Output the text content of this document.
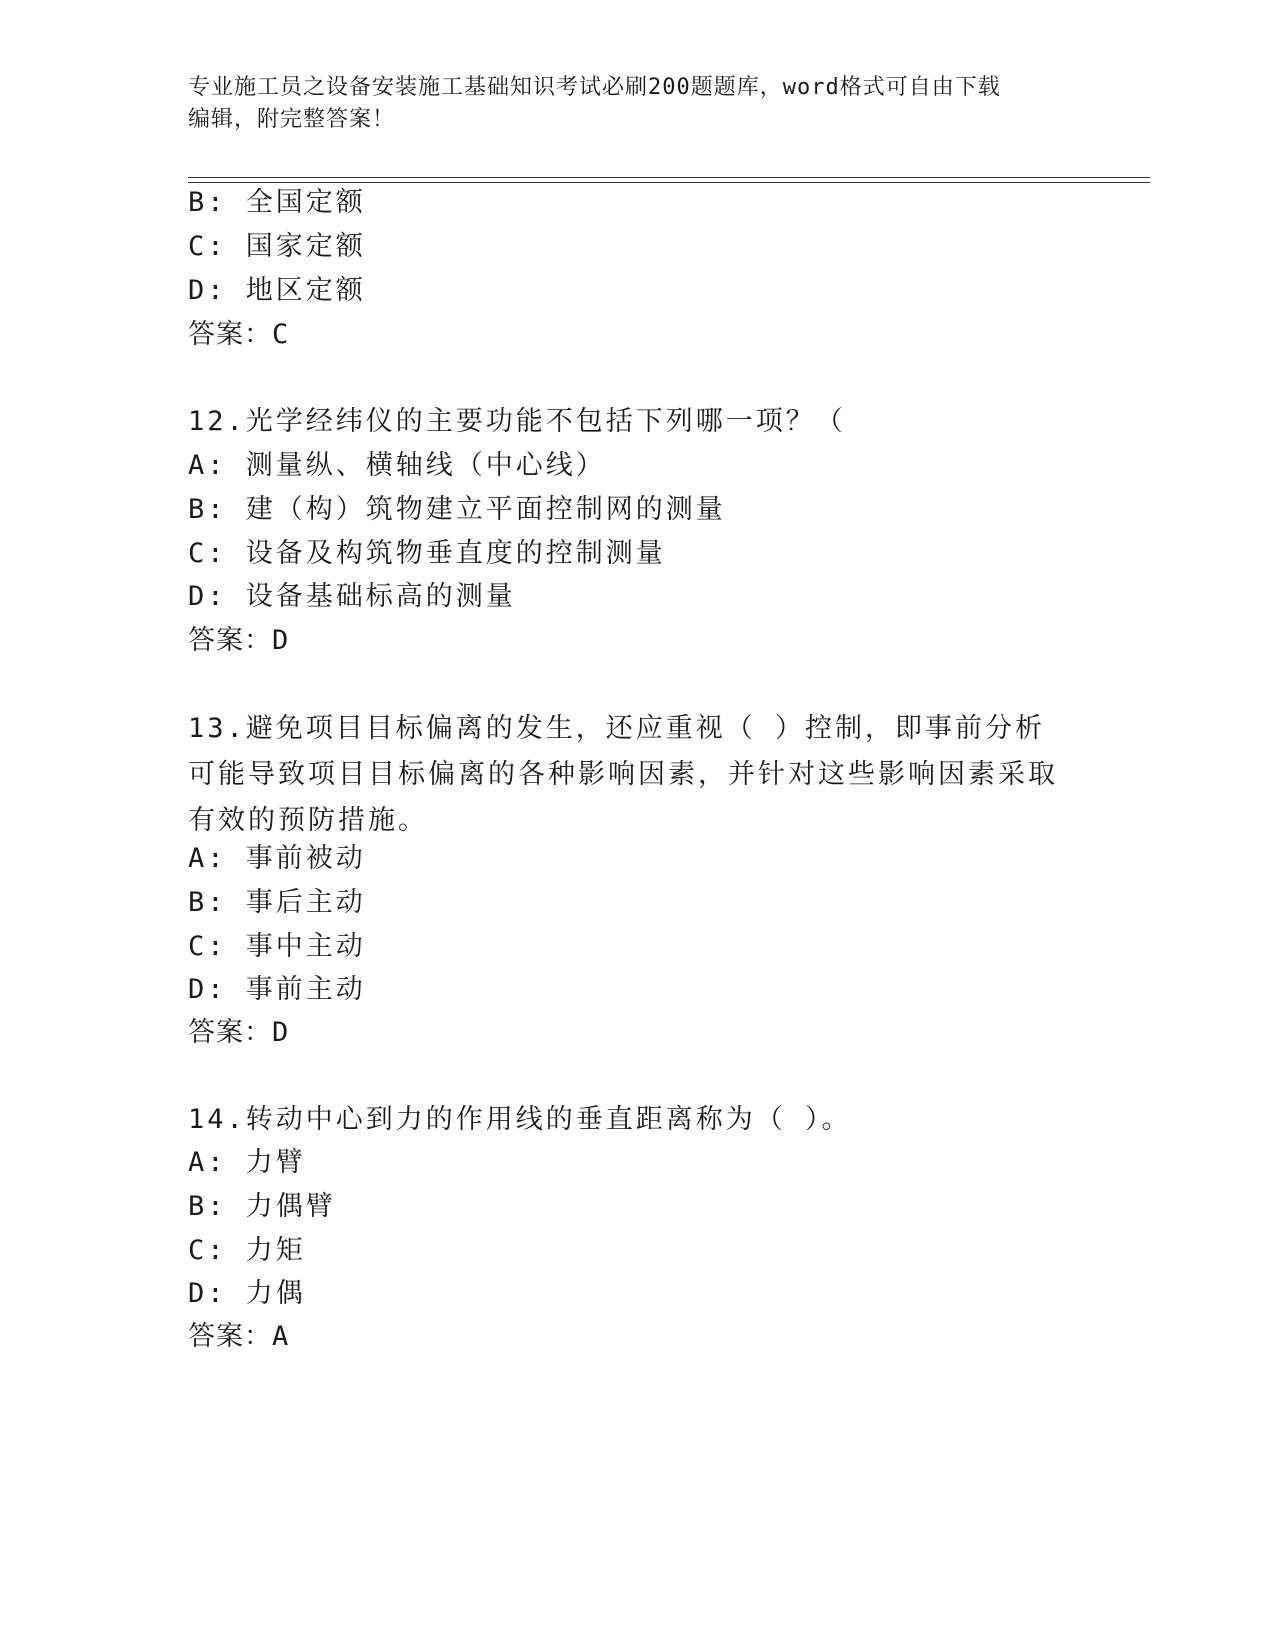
专业施工员之设备安装施工基础知识考试必刷200题题库，word格式可自由下载
编辑，附完整答案！
B: 全国定额
C: 国家定额
D: 地区定额
答案：C
12.光学经纬仪的主要功能不包括下列哪一项？（
A: 测量纵、横轴线（中心线）
B: 建（构）筑物建立平面控制网的测量
C: 设备及构筑物垂直度的控制测量
D: 设备基础标高的测量
答案：D
13.避免项目目标偏离的发生，还应重视（ ）控制，即事前分析可能导致项目目标偏离的各种影响因素，并针对这些影响因素采取有效的预防措施。
A: 事前被动
B: 事后主动
C: 事中主动
D: 事前主动
答案：D
14.转动中心到力的作用线的垂直距离称为（ ）。
A: 力臂
B: 力偶臂
C: 力矩
D: 力偶
答案：A
